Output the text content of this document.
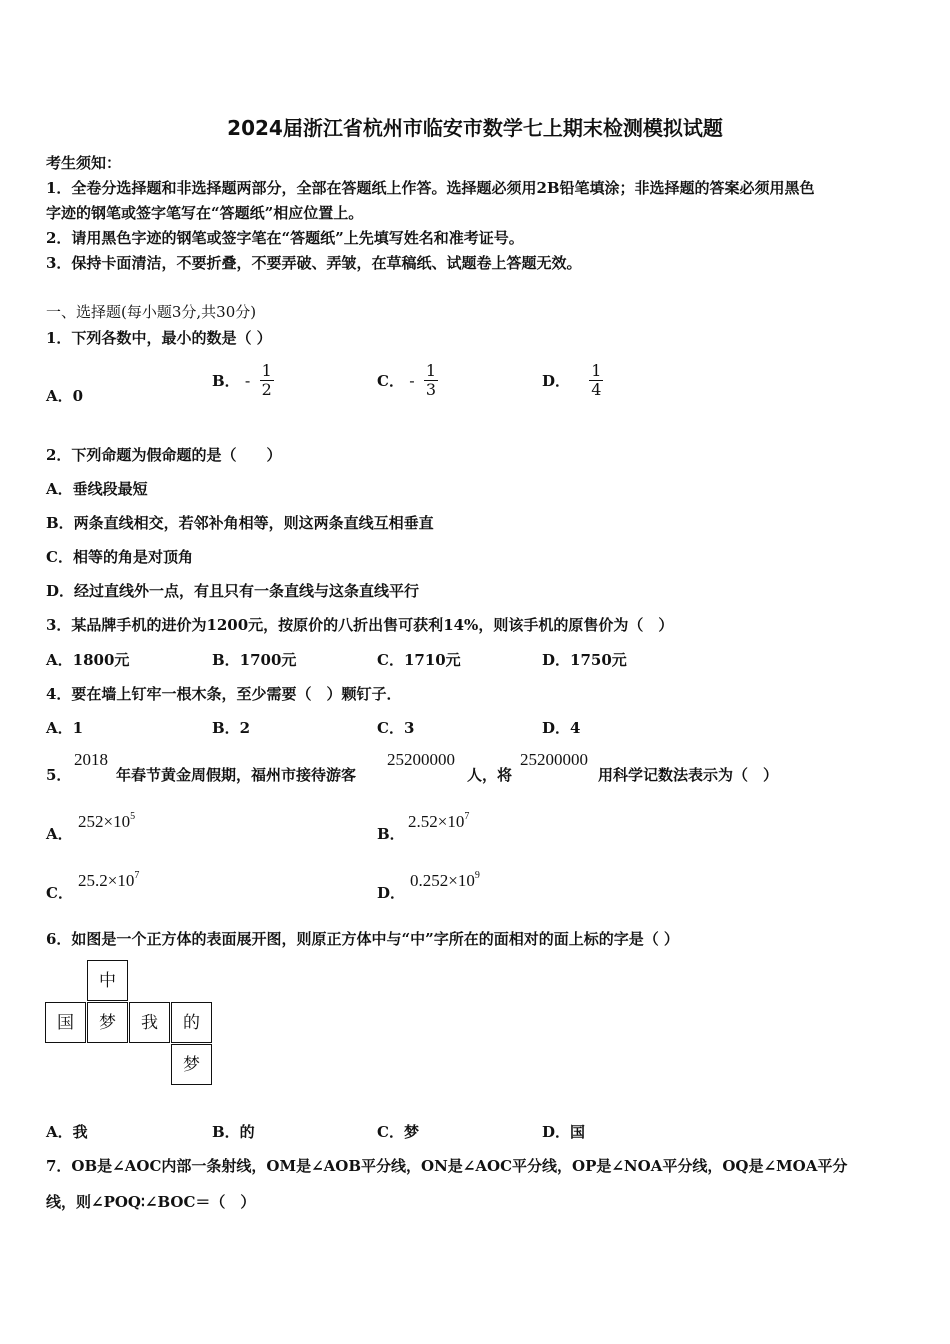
2024届浙江省杭州市临安市数学七上期末检测模拟试题
考生须知：
1．全卷分选择题和非选择题两部分，全部在答题纸上作答。选择题必须用2B铅笔填涂；非选择题的答案必须用黑色
字迹的钢笔或签字笔写在“答题纸”相应位置上。
2．请用黑色字迹的钢笔或签字笔在“答题纸”上先填写姓名和准考证号。
3．保持卡面清洁，不要折叠，不要弄破、弄皱，在草稿纸、试题卷上答题无效。
一、选择题(每小题3分,共30分)
1．下列各数中，最小的数是（ ）
A．0
B． - $\frac{1}{2}$	C． - $\frac{1}{3}$	D． $\frac{1}{4}$
2．下列命题为假命题的是（　　）
A．垂线段最短
B．两条直线相交，若邻补角相等，则这两条直线互相垂直
C．相等的角是对顶角
D．经过直线外一点，有且只有一条直线与这条直线平行
3．某品牌手机的进价为1200元，按原价的八折出售可获利14%，则该手机的原售价为（　）
A．1800元	B．1700元	C．1710元	D．1750元
4．要在墙上钉牢一根木条，至少需要（　）颗钉子．
A．1	B．2	C．3	D．4
5．
2018
年春节黄金周假期，福州市接待游客
25200000
人，将
25200000
用科学记数法表示为（　）
A．
$252\times 10^5$
B．
$2.52\times 10^7$
C．
$25.2\times 10^7$
D．
$0.252\times 10^9$
6．如图是一个正方体的表面展开图，则原正方体中与“中”字所在的面相对的面上标的字是（ ）
中
国	梦	我	的
梦
A．我	B．的	C．梦	D．国
7．OB是∠AOC内部一条射线，OM是∠AOB平分线，ON是∠AOC平分线，OP是∠NOA平分线，OQ是∠MOA平分
线，则∠POQ∶∠BOC＝（　）
